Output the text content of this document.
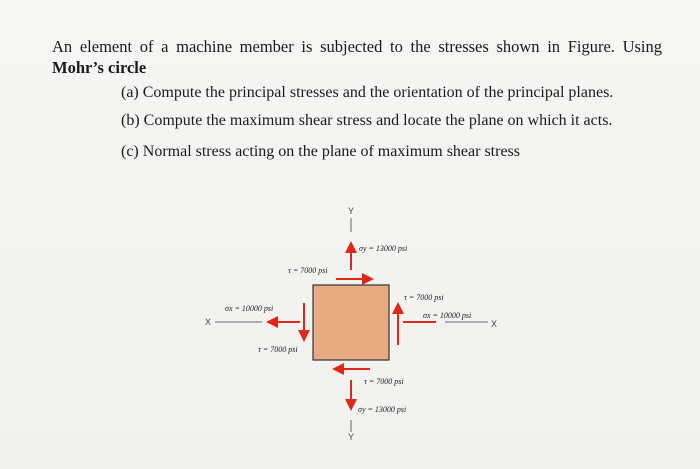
An element of a machine member is subjected to the stresses shown in Figure. Using Mohr’s circle
(a) Compute the principal stresses and the orientation of the principal planes.
(b) Compute the maximum shear stress and locate the plane on which it acts.
(c) Normal stress acting on the plane of maximum shear stress
Y
Y
X	X
σy = 13000 psi
τ = 7000 psi
σy = 13000 psi
τ = 7000 psi
σx = 10000 psi
τ = 7000 psi
σx = 10000 psi
τ = 7000 psi
